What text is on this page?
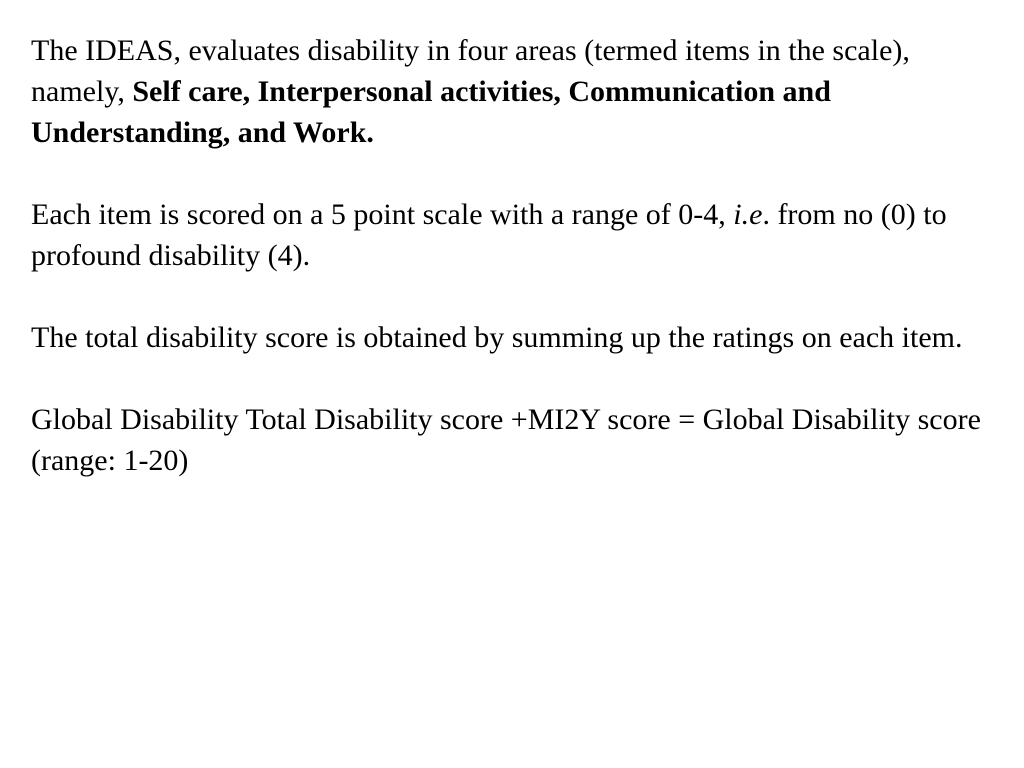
The IDEAS, evaluates disability in four areas (termed items in the scale), namely, Self care, Interpersonal activities, Communication and Understanding, and Work.

Each item is scored on a 5 point scale with a range of 0-4, i.e. from no (0) to profound disability (4).

The total disability score is obtained by summing up the ratings on each item.

Global Disability Total Disability score +MI2Y score = Global Disability score (range: 1-20)
